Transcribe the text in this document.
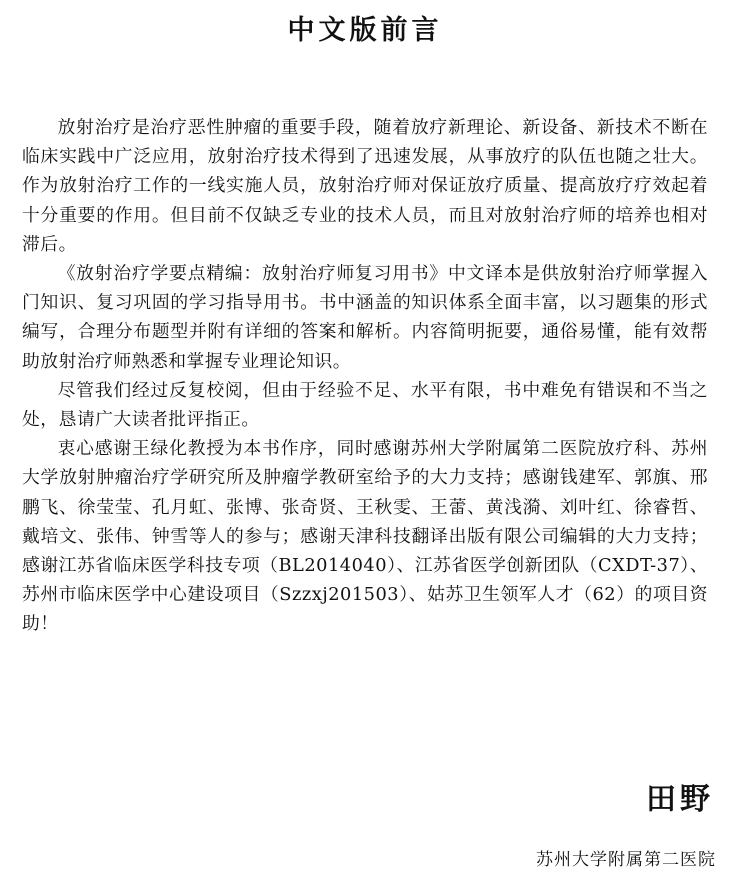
中文版前言

放射治疗是治疗恶性肿瘤的重要手段，随着放疗新理论、新设备、新技术不断在临床实践中广泛应用，放射治疗技术得到了迅速发展，从事放疗的队伍也随之壮大。作为放射治疗工作的一线实施人员，放射治疗师对保证放疗质量、提高放疗疗效起着十分重要的作用。但目前不仅缺乏专业的技术人员，而且对放射治疗师的培养也相对滞后。

《放射治疗学要点精编：放射治疗师复习用书》中文译本是供放射治疗师掌握入门知识、复习巩固的学习指导用书。书中涵盖的知识体系全面丰富，以习题集的形式编写，合理分布题型并附有详细的答案和解析。内容简明扼要，通俗易懂，能有效帮助放射治疗师熟悉和掌握专业理论知识。

尽管我们经过反复校阅，但由于经验不足、水平有限，书中难免有错误和不当之处，恳请广大读者批评指正。

衷心感谢王绿化教授为本书作序，同时感谢苏州大学附属第二医院放疗科、苏州大学放射肿瘤治疗学研究所及肿瘤学教研室给予的大力支持；感谢钱建军、郭旗、邢鹏飞、徐莹莹、孔月虹、张博、张奇贤、王秋雯、王蕾、黄浅漪、刘叶红、徐睿哲、戴培文、张伟、钟雪等人的参与；感谢天津科技翻译出版有限公司编辑的大力支持；感谢江苏省临床医学科技专项（BL2014040）、江苏省医学创新团队（CXDT-37）、苏州市临床医学中心建设项目（Szzxj201503）、姑苏卫生领军人才（62）的项目资助！

田野
苏州大学附属第二医院
